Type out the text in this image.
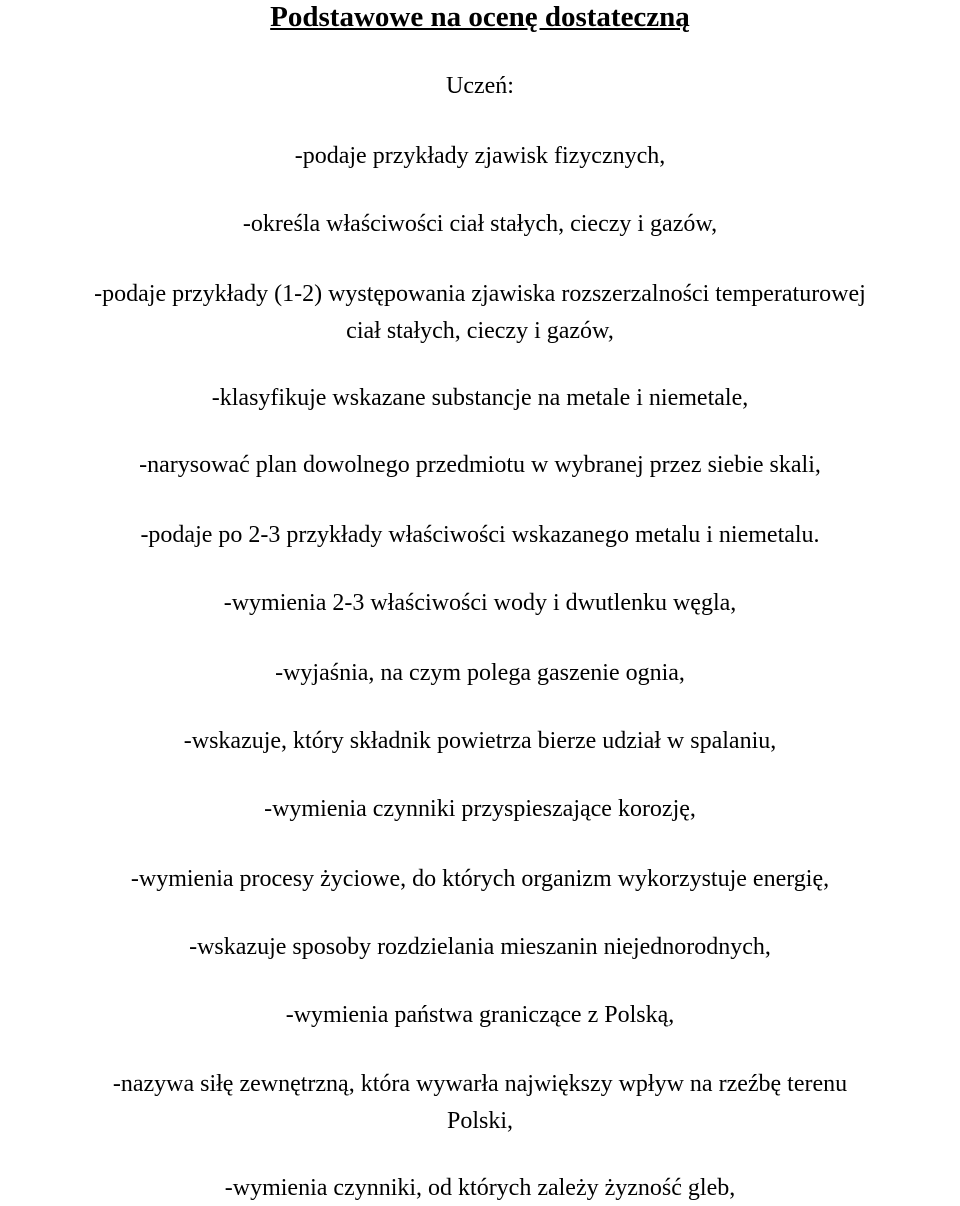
Podstawowe na ocenę dostateczną
Uczeń:
-podaje przykłady zjawisk fizycznych,
-określa właściwości ciał stałych, cieczy i gazów,
-podaje przykłady (1-2) występowania zjawiska rozszerzalności temperaturowej
ciał stałych, cieczy i gazów,
-klasyfikuje wskazane substancje na metale i niemetale,
-narysować plan dowolnego przedmiotu w wybranej przez siebie skali,
-podaje po 2-3 przykłady właściwości wskazanego metalu i niemetalu.
-wymienia 2-3 właściwości wody i dwutlenku węgla,
-wyjaśnia, na czym polega gaszenie ognia,
-wskazuje, który składnik powietrza bierze udział w spalaniu,
-wymienia czynniki przyspieszające korozję,
-wymienia procesy życiowe, do których organizm wykorzystuje energię,
-wskazuje sposoby rozdzielania mieszanin niejednorodnych,
-wymienia państwa graniczące z Polską,
-nazywa siłę zewnętrzną, która wywarła największy wpływ na rzeźbę terenu
Polski,
-wymienia czynniki, od których zależy żyzność gleb,
